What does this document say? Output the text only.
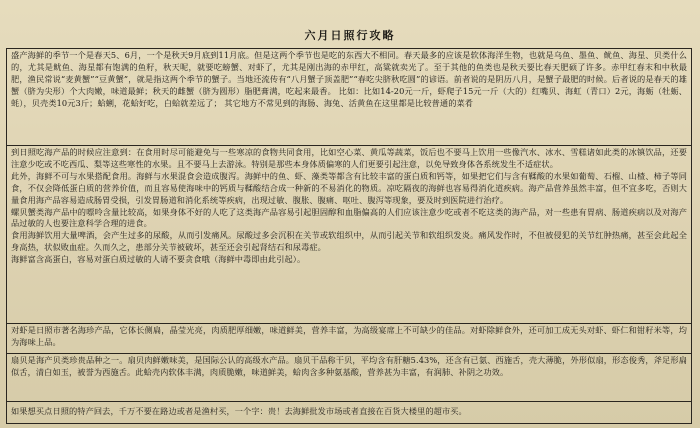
六月日照行攻略

盛产海鲜的季节一个是春天5、6月，一个是秋天9月底到11月底。但是这两个季节也是吃的东西大不相同。春天最多的应该是软体海洋生物，也就是乌鱼、墨鱼、鱿鱼、海星、贝类什么的，尤其是鱿鱼、海星都有饱满的鱼籽，秋天呢，就要吃螃蟹、对虾了，尤其是刚出海的赤甲红，高粱就卖光了。至于其他的鱼类也是秋天要比春天肥硕了许多。赤甲红春末和中秋最肥，渔民常说“麦黄蟹”“豆黄蟹”，就是指这两个季节的蟹子。当地还流传有“八月蟹子顶盖肥”“春吃尖脐秋吃圆”的谚语。前者说的是阴历八月，是蟹子最肥的时候。后者说的是春天的雄蟹（脐为尖形）个大肉嫩，味道最鲜；秋天的雌蟹（脐为圆形）脂肥膏满，吃起来最香。 比如：比如14-20元一斤，虾爬子15元一斤（大的）红嘴贝、海虹（青口）2元，海蛎（牡蛎、蚝），贝壳类10元3斤；蛤蜊，花蛤好吃，白蛤就差远了； 其它地方不常见到的海肠、海兔、活黄鱼在这里都是比较普通的菜肴

到日照吃海产品的时候应注意到：在食用时尽可能避免与一些寒凉的食物共同食用，比如空心菜、黄瓜等蔬菜，饭后也不要马上饮用一些像汽水、冰水、雪糕诸如此类的冰镇饮品，还要注意少吃或不吃西瓜、梨等这些寒性的水果。且不要马上去游泳。特别是那些本身体质偏寒的人们更要引起注意，以免导致身体各系统发生不适症状。

此外，海鲜不可与水果搭配食用。海鲜与水果混食会造成腹泻。海鲜中的鱼、虾、藻类等都含有比较丰富的蛋白质和钙等，如果把它们与含有鞣酸的水果如葡萄、石榴、山楂、柿子等同食，不仅会降低蛋白质的营养价值，而且容易使海味中的钙质与鞣酸结合成一种新的不易消化的物质。凉吃隔夜的海鲜也容易得消化道疾病。海产品营养虽然丰富，但不宜多吃，否则大量食用海产品容易造成肠胃受损，引发胃肠道和消化系统等疾病，出现过敏、腹胀、腹痛、呕吐、腹泻等现象，要及时到医院进行治疗。

螺贝蟹类海产品中的嘌呤含量比较高，如果身体不好的人吃了这类海产品容易引起胆固醇和血脂偏高的人们应该注意少吃或者不吃这类的海产品，对一些患有胃病、肠道疾病以及对海产品过敏的人也要注意科学合理的进食。

食用海鲜饮用大量啤酒，会产生过多的尿酸，从而引发痛风。尿酸过多会沉积在关节或软组织中，从而引起关节和软组织发炎。痛风发作时，不但被侵犯的关节红肿热痛，甚至会此起全身高热，状似败血症。久而久之，患部分关节被破坏，甚至还会引起肾结石和尿毒症。

海鲜富含高蛋白，容易对蛋白质过敏的人请不要贪食哦（海鲜中毒即由此引起）。

对虾是日照市著名海珍产品，它体长侧扁，晶莹光亮，肉质肥厚细嫩，味道鲜美，营养丰富，为高级宴席上不可缺少的佳品。对虾除鲜食外，还可加工成无头对虾、虾仁和钳籽米等，均为海味上品。

扇贝是海产贝类珍贵品种之一。扇贝肉鲜嫩味美，是国际公认的高级水产品。扇贝干品称干贝，平均含有肝糖5.43%，还含有已氨、西施舌，壳大薄脆，外形似扇，形态俊秀，斧足形扁似舌，清白如玉，被誉为西施舌。此蛤壳内软体丰满，肉质脆嫩，味道鲜美，蛤肉含多种氨基酸，营养甚为丰富，有润肺、补阴之功效。

如果想买点日照的特产回去，千万不要在路边或者是渔村买，一个字：贵！去海鲜批发市场或者直接在百货大楼里的超市买。
